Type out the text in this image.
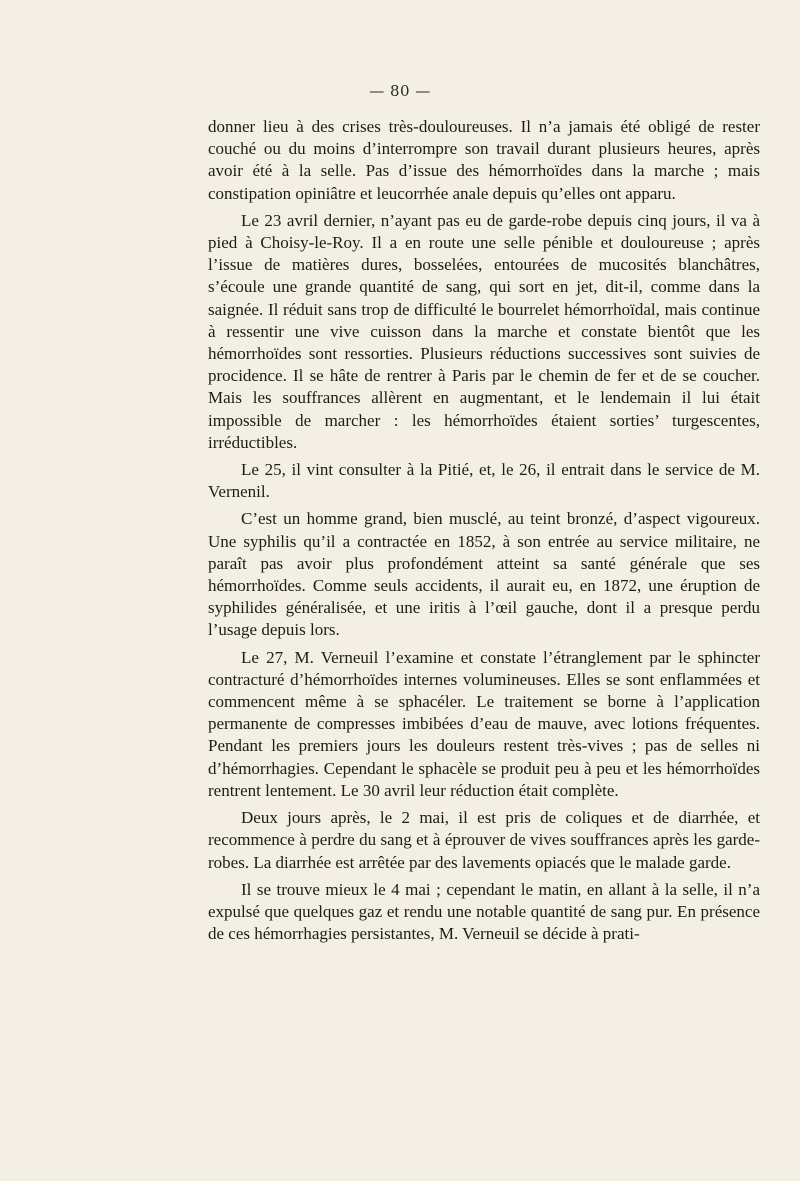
— 80 —

donner lieu à des crises très-douloureuses. Il n’a jamais été obligé de rester couché ou du moins d’interrompre son travail durant plusieurs heures, après avoir été à la selle. Pas d’issue des hémorrhoïdes dans la marche ; mais constipation opiniâtre et leucorrhée anale depuis qu’elles ont apparu.

Le 23 avril dernier, n’ayant pas eu de garde-robe depuis cinq jours, il va à pied à Choisy-le-Roy. Il a en route une selle pénible et douloureuse ; après l’issue de matières dures, bosselées, entourées de mucosités blanchâtres, s’écoule une grande quantité de sang, qui sort en jet, dit-il, comme dans la saignée. Il réduit sans trop de difficulté le bourrelet hémorrhoïdal, mais continue à ressentir une vive cuisson dans la marche et constate bientôt que les hémorrhoïdes sont ressorties. Plusieurs réductions successives sont suivies de procidence. Il se hâte de rentrer à Paris par le chemin de fer et de se coucher. Mais les souffrances allèrent en augmentant, et le lendemain il lui était impossible de marcher : les hémorrhoïdes étaient sorties’ turgescentes, irréductibles.

Le 25, il vint consulter à la Pitié, et, le 26, il entrait dans le service de M. Vernenil.

C’est un homme grand, bien musclé, au teint bronzé, d’aspect vigoureux. Une syphilis qu’il a contractée en 1852, à son entrée au service militaire, ne paraît pas avoir plus profondément atteint sa santé générale que ses hémorrhoïdes. Comme seuls accidents, il aurait eu, en 1872, une éruption de syphilides généralisée, et une iritis à l’œil gauche, dont il a presque perdu l’usage depuis lors.

Le 27, M. Verneuil l’examine et constate l’étranglement par le sphincter contracturé d’hémorrhoïdes internes volumineuses. Elles se sont enflammées et commencent même à se sphacéler. Le traitement se borne à l’application permanente de compresses imbibées d’eau de mauve, avec lotions fréquentes. Pendant les premiers jours les douleurs restent très-vives ; pas de selles ni d’hémorrhagies. Cependant le sphacèle se produit peu à peu et les hémorrhoïdes rentrent lentement. Le 30 avril leur réduction était complète.

Deux jours après, le 2 mai, il est pris de coliques et de diarrhée, et recommence à perdre du sang et à éprouver de vives souffrances après les garde-robes. La diarrhée est arrêtée par des lavements opiacés que le malade garde.

Il se trouve mieux le 4 mai ; cependant le matin, en allant à la selle, il n’a expulsé que quelques gaz et rendu une notable quantité de sang pur. En présence de ces hémorrhagies persistantes, M. Verneuil se décide à prati-
